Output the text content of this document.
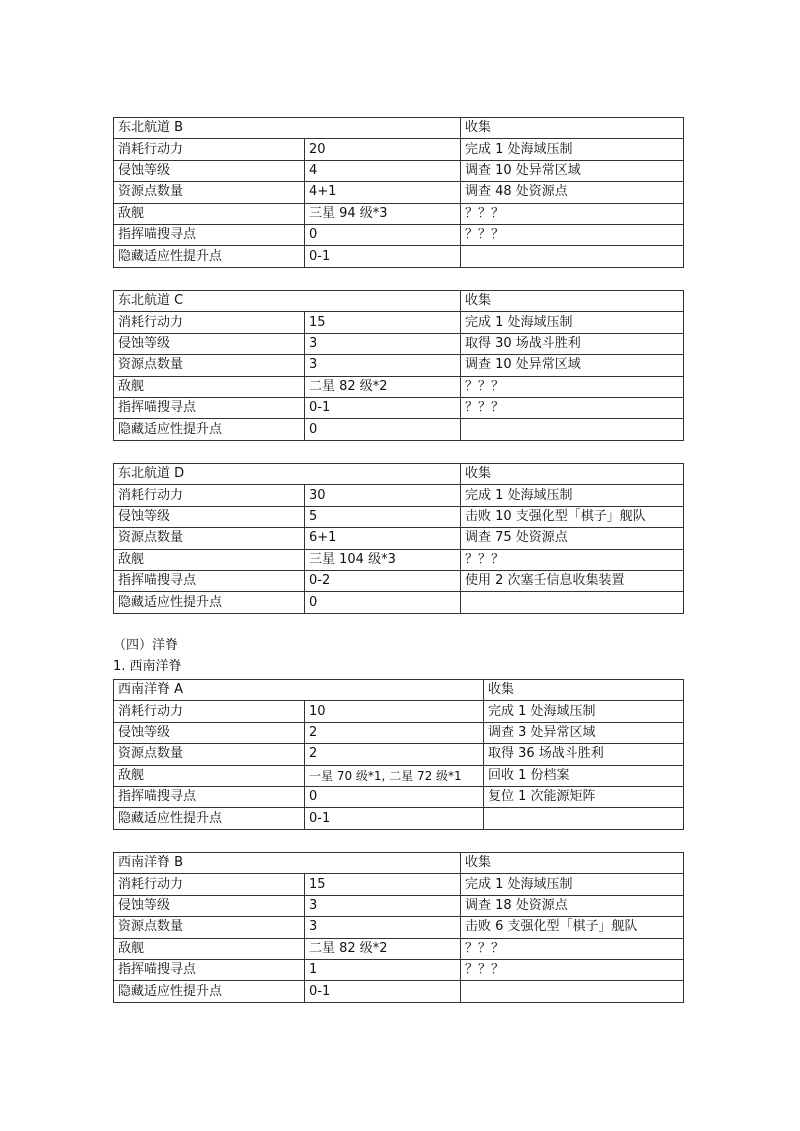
东北航道 B		收集
消耗行动力	20	完成 1 处海域压制
侵蚀等级	4	调查 10 处异常区域
资源点数量	4+1	调查 48 处资源点
敌舰	三星 94 级*3	？？？
指挥喵搜寻点	0	？？？
隐藏适应性提升点	0-1	
东北航道 C		收集
消耗行动力	15	完成 1 处海域压制
侵蚀等级	3	取得 30 场战斗胜利
资源点数量	3	调查 10 处异常区域
敌舰	二星 82 级*2	？？？
指挥喵搜寻点	0-1	？？？
隐藏适应性提升点	0	
东北航道 D		收集
消耗行动力	30	完成 1 处海域压制
侵蚀等级	5	击败 10 支强化型「棋子」舰队
资源点数量	6+1	调查 75 处资源点
敌舰	三星 104 级*3	？？？
指挥喵搜寻点	0-2	使用 2 次塞壬信息收集装置
隐藏适应性提升点	0	
（四）洋脊
1. 西南洋脊
西南洋脊 A		收集
消耗行动力	10	完成 1 处海域压制
侵蚀等级	2	调查 3 处异常区域
资源点数量	2	取得 36 场战斗胜利
敌舰	一星 70 级*1, 二星 72 级*1	回收 1 份档案
指挥喵搜寻点	0	复位 1 次能源矩阵
隐藏适应性提升点	0-1	
西南洋脊 B		收集
消耗行动力	15	完成 1 处海域压制
侵蚀等级	3	调查 18 处资源点
资源点数量	3	击败 6 支强化型「棋子」舰队
敌舰	二星 82 级*2	？？？
指挥喵搜寻点	1	？？？
隐藏适应性提升点	0-1	
